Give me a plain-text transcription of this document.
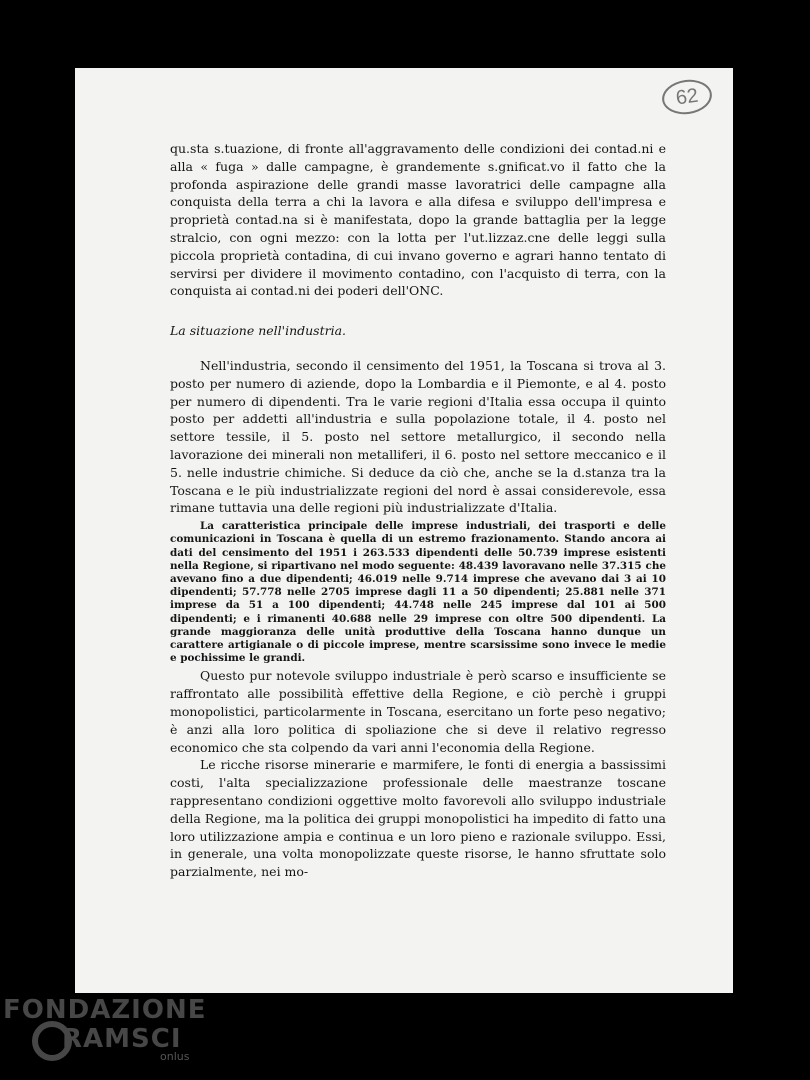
62

qu.sta s.tuazione, di fronte all'aggravamento delle condizioni dei contad.ni e alla « fuga » dalle campagne, è grandemente s.gnificat.vo il fatto che la profonda aspirazione delle grandi masse lavoratrici delle campagne alla conquista della terra a chi la lavora e alla difesa e sviluppo dell'impresa e proprietà contad.na si è manifestata, dopo la grande battaglia per la legge stralcio, con ogni mezzo: con la lotta per l'ut.lizzaz.cne delle leggi sulla piccola proprietà contadina, di cui invano governo e agrari hanno tentato di servirsi per dividere il movimento contadino, con l'acquisto di terra, con la conquista ai contad.ni dei poderi dell'ONC.

La situazione nell'industria.

Nell'industria, secondo il censimento del 1951, la Toscana si trova al 3. posto per numero di aziende, dopo la Lombardia e il Piemonte, e al 4. posto per numero di dipendenti. Tra le varie regioni d'Italia essa occupa il quinto posto per addetti all'industria e sulla popolazione totale, il 4. posto nel settore tessile, il 5. posto nel settore metallurgico, il secondo nella lavorazione dei minerali non metalliferi, il 6. posto nel settore meccanico e il 5. nelle industrie chimiche. Si deduce da ciò che, anche se la d.stanza tra la Toscana e le più industrializzate regioni del nord è assai considerevole, essa rimane tuttavia una delle regioni più industrializzate d'Italia.

La caratteristica principale delle imprese industriali, dei trasporti e delle comunicazioni in Toscana è quella di un estremo frazionamento. Stando ancora ai dati del censimento del 1951 i 263.533 dipendenti delle 50.739 imprese esistenti nella Regione, si ripartivano nel modo seguente: 48.439 lavoravano nelle 37.315 che avevano fino a due dipendenti; 46.019 nelle 9.714 imprese che avevano dai 3 ai 10 dipendenti; 57.778 nelle 2705 imprese dagli 11 a 50 dipendenti; 25.881 nelle 371 imprese da 51 a 100 dipendenti; 44.748 nelle 245 imprese dal 101 ai 500 dipendenti; e i rimanenti 40.688 nelle 29 imprese con oltre 500 dipendenti. La grande maggioranza delle unità produttive della Toscana hanno dunque un carattere artigianale o di piccole imprese, mentre scarsissime sono invece le medie e pochissime le grandi.

Questo pur notevole sviluppo industriale è però scarso e insufficiente se raffrontato alle possibilità effettive della Regione, e ciò perchè i gruppi monopolistici, particolarmente in Toscana, esercitano un forte peso negativo; è anzi alla loro politica di spoliazione che si deve il relativo regresso economico che sta colpendo da vari anni l'economia della Regione.

Le ricche risorse minerarie e marmifere, le fonti di energia a bassissimi costi, l'alta specializzazione professionale delle maestranze toscane rappresentano condizioni oggettive molto favorevoli allo sviluppo industriale della Regione, ma la politica dei gruppi monopolistici ha impedito di fatto una loro utilizzazione ampia e continua e un loro pieno e razionale sviluppo. Essi, in generale, una volta monopolizzate queste risorse, le hanno sfruttate solo parzialmente, nei mo-

FONDAZIONE
RAMSCI
onlus
